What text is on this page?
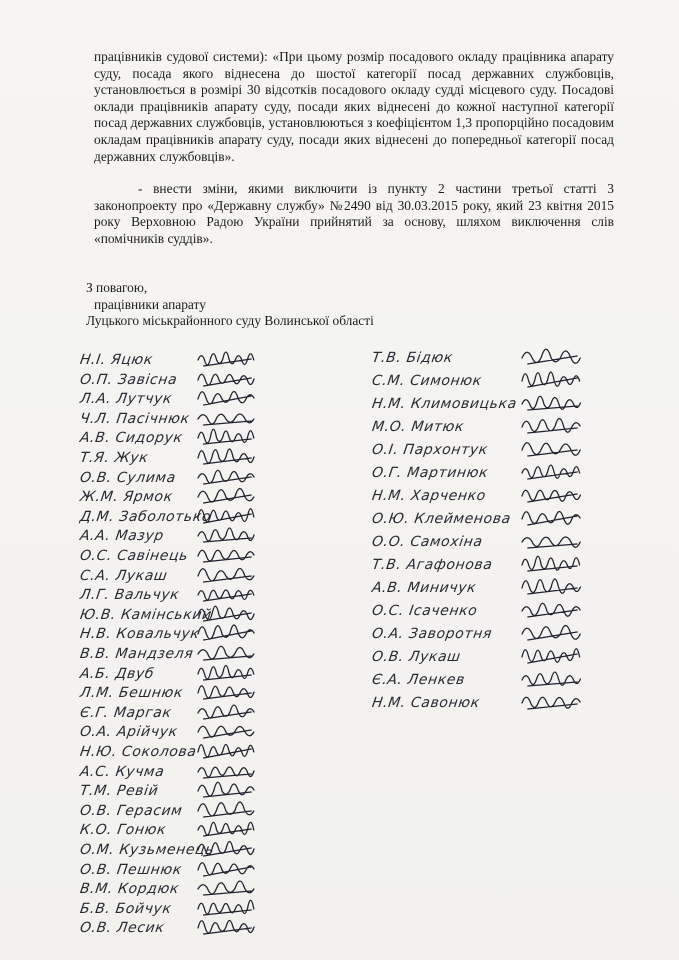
працівників судової системи): «При цьому розмір посадового окладу працівника апарату суду, посада якого віднесена до шостої категорії посад державних службовців, установлюється в розмірі 30 відсотків посадового окладу судді місцевого суду. Посадові оклади працівників апарату суду, посади яких віднесені до кожної наступної категорії посад державних службовців, установлюються з коефіцієнтом 1,3 пропорційно посадовим окладам працівників апарату суду, посади яких віднесені до попередньої категорії посад державних службовців».
- внести зміни, якими виключити із пункту 2 частини третьої статті 3 законопроекту про «Державну службу» №2490 від 30.03.2015 року, який 23 квітня 2015 року Верховною Радою України прийнятий за основу, шляхом виключення слів «помічників суддів».
З повагою,
працівники апарату
Луцького міськрайонного суду Волинської області
Н.І. Яцюк
О.П. Завісна
Л.А. Лутчук
Ч.Л. Пасічнюк
А.В. Сидорук
Т.Я. Жук
О.В. Сулима
Ж.М. Ярмок
Д.М. Заболотько
А.А. Мазур
О.С. Савінець
С.А. Лукаш
Л.Г. Вальчук
Ю.В. Камінський
Н.В. Ковальчук
В.В. Мандзеля
А.Б. Двуб
Л.М. Бешнюк
Є.Г. Маргак
О.А. Арійчук
Н.Ю. Соколова
А.С. Кучма
Т.М. Ревій
О.В. Герасим
К.О. Гонюк
О.М. Кузьменець
О.В. Пешнюк
В.М. Кордюк
Б.В. Бойчук
О.В. Лесик
Т.В. Бідюк
С.М. Симонюк
Н.М. Климовицька
М.О. Митюк
О.І. Пархонтук
О.Г. Мартинюк
Н.М. Харченко
О.Ю. Клейменова
О.О. Самохіна
Т.В. Агафонова
А.В. Миничук
О.С. Ісаченко
О.А. Заворотня
О.В. Лукаш
Є.А. Ленкев
Н.М. Савонюк
